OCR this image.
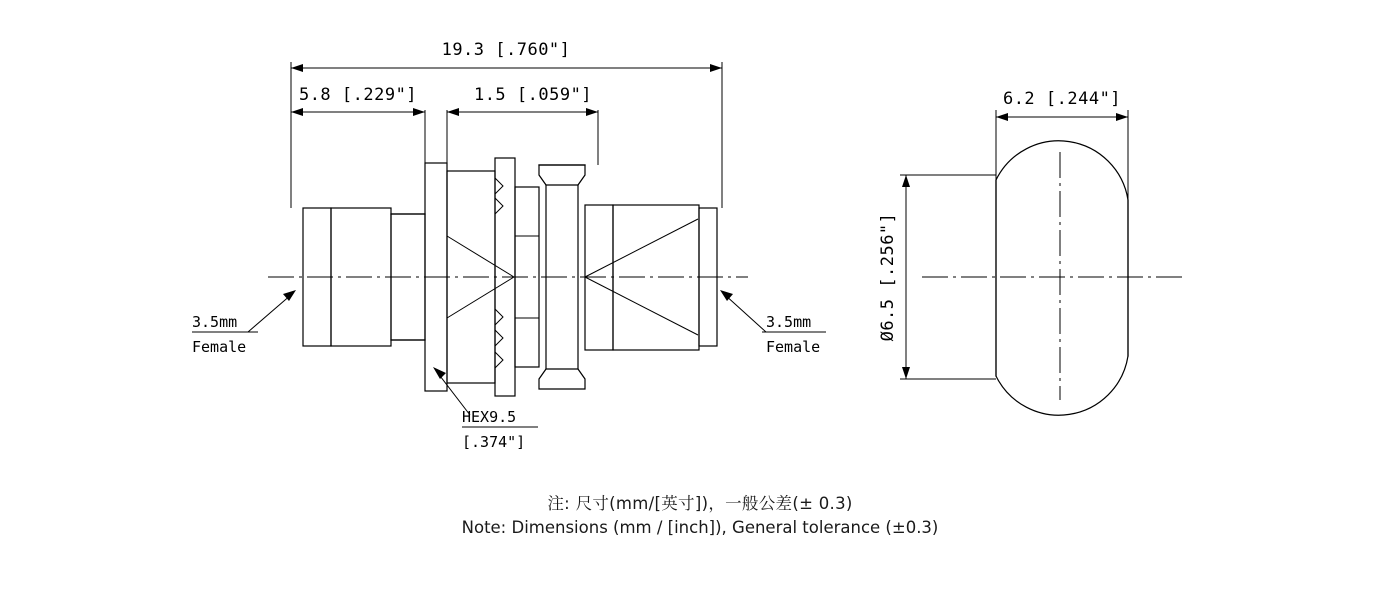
19.3 [.760"]
5.8 [.229"]	1.5 [.059"]
3.5mm
Female
3.5mm
Female
HEX9.5
[.374"]
6.2 [.244"]
Ø6.5 [.256"]
注: 尺寸(mm/[英寸])，一般公差(± 0.3)
Note: Dimensions (mm / [inch]), General tolerance (±0.3)
